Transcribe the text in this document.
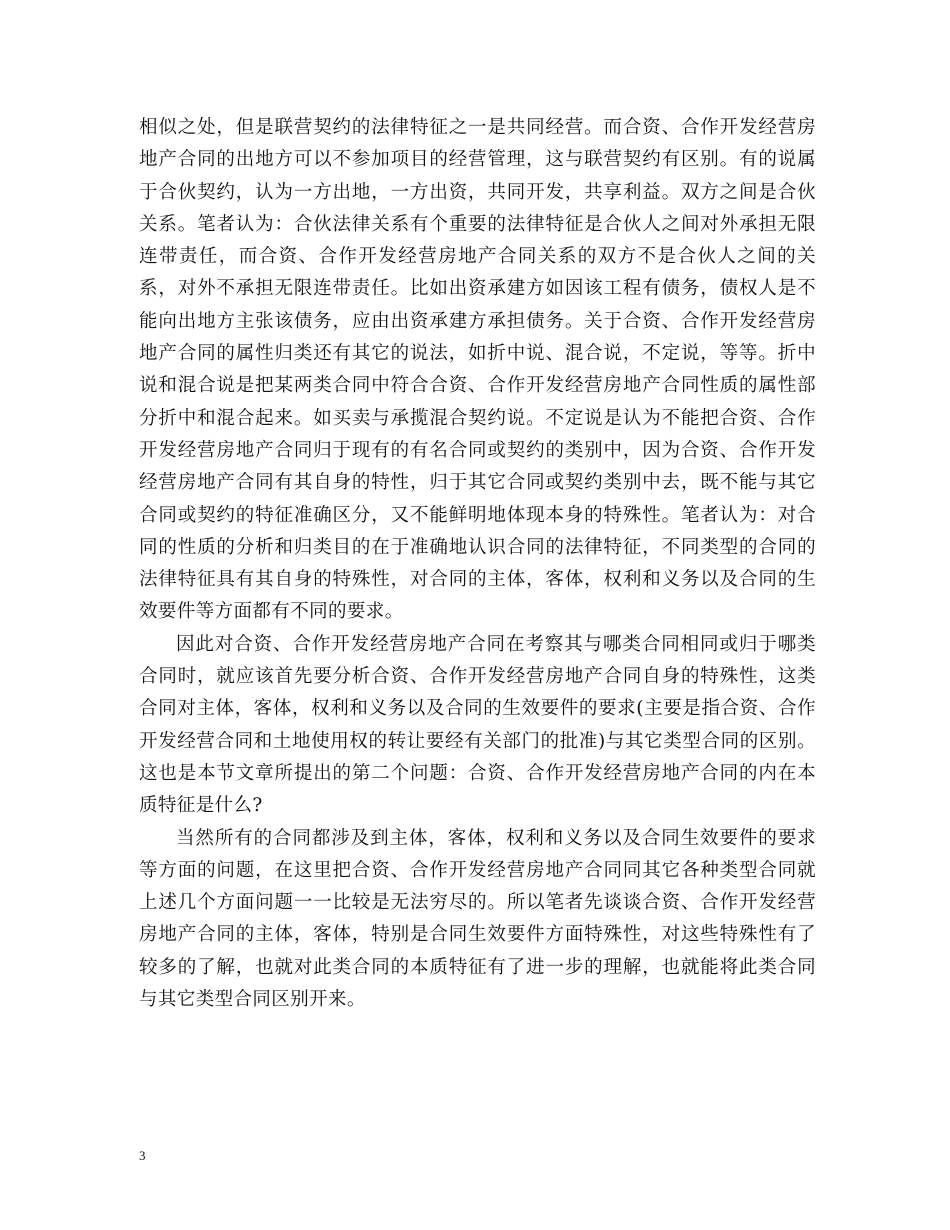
相似之处，但是联营契约的法律特征之一是共同经营。而合资、合作开发经营房地产合同的出地方可以不参加项目的经营管理，这与联营契约有区别。有的说属于合伙契约，认为一方出地，一方出资，共同开发，共享利益。双方之间是合伙关系。笔者认为：合伙法律关系有个重要的法律特征是合伙人之间对外承担无限连带责任，而合资、合作开发经营房地产合同关系的双方不是合伙人之间的关系，对外不承担无限连带责任。比如出资承建方如因该工程有债务，债权人是不能向出地方主张该债务，应由出资承建方承担债务。关于合资、合作开发经营房地产合同的属性归类还有其它的说法，如折中说、混合说，不定说，等等。折中说和混合说是把某两类合同中符合合资、合作开发经营房地产合同性质的属性部分折中和混合起来。如买卖与承揽混合契约说。不定说是认为不能把合资、合作开发经营房地产合同归于现有的有名合同或契约的类别中，因为合资、合作开发经营房地产合同有其自身的特性，归于其它合同或契约类别中去，既不能与其它合同或契约的特征准确区分，又不能鲜明地体现本身的特殊性。笔者认为：对合同的性质的分析和归类目的在于准确地认识合同的法律特征，不同类型的合同的法律特征具有其自身的特殊性，对合同的主体，客体，权利和义务以及合同的生效要件等方面都有不同的要求。

因此对合资、合作开发经营房地产合同在考察其与哪类合同相同或归于哪类合同时，就应该首先要分析合资、合作开发经营房地产合同自身的特殊性，这类合同对主体，客体，权利和义务以及合同的生效要件的要求(主要是指合资、合作开发经营合同和土地使用权的转让要经有关部门的批准)与其它类型合同的区别。这也是本节文章所提出的第二个问题：合资、合作开发经营房地产合同的内在本质特征是什么?

当然所有的合同都涉及到主体，客体，权利和义务以及合同生效要件的要求等方面的问题，在这里把合资、合作开发经营房地产合同同其它各种类型合同就上述几个方面问题一一比较是无法穷尽的。所以笔者先谈谈合资、合作开发经营房地产合同的主体，客体，特别是合同生效要件方面特殊性，对这些特殊性有了较多的了解，也就对此类合同的本质特征有了进一步的理解，也就能将此类合同与其它类型合同区别开来。

3
